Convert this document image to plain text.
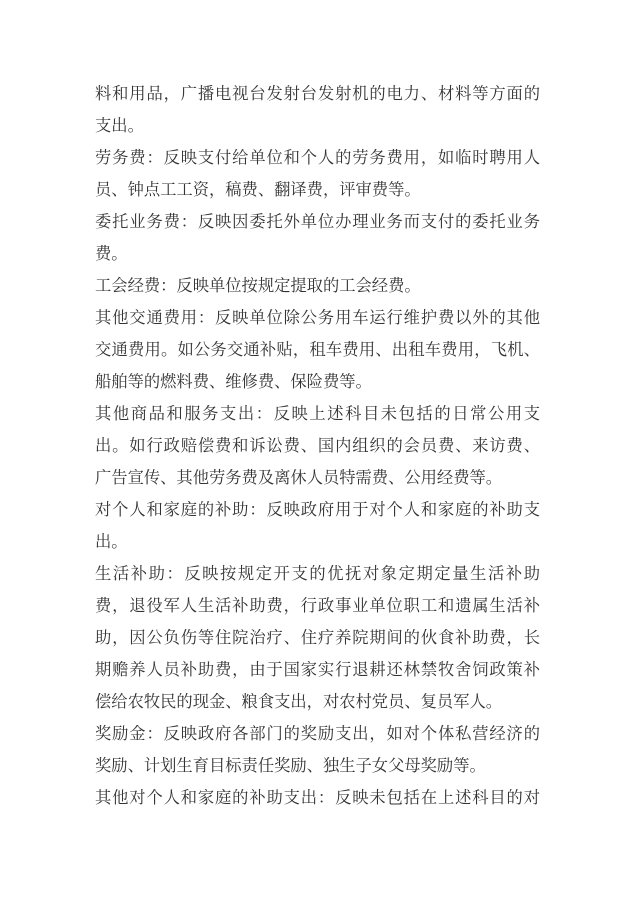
料和用品，广播电视台发射台发射机的电力、材料等方面的
支出。
劳务费：反映支付给单位和个人的劳务费用，如临时聘用人
员、钟点工工资，稿费、翻译费，评审费等。
委托业务费：反映因委托外单位办理业务而支付的委托业务
费。
工会经费：反映单位按规定提取的工会经费。
其他交通费用：反映单位除公务用车运行维护费以外的其他
交通费用。如公务交通补贴，租车费用、出租车费用，飞机、
船舶等的燃料费、维修费、保险费等。
其他商品和服务支出：反映上述科目未包括的日常公用支
出。如行政赔偿费和诉讼费、国内组织的会员费、来访费、
广告宣传、其他劳务费及离休人员特需费、公用经费等。
对个人和家庭的补助：反映政府用于对个人和家庭的补助支
出。
生活补助：反映按规定开支的优抚对象定期定量生活补助
费，退役军人生活补助费，行政事业单位职工和遗属生活补
助，因公负伤等住院治疗、住疗养院期间的伙食补助费，长
期赡养人员补助费，由于国家实行退耕还林禁牧舍饲政策补
偿给农牧民的现金、粮食支出，对农村党员、复员军人。
奖励金：反映政府各部门的奖励支出，如对个体私营经济的
奖励、计划生育目标责任奖励、独生子女父母奖励等。
其他对个人和家庭的补助支出：反映未包括在上述科目的对
